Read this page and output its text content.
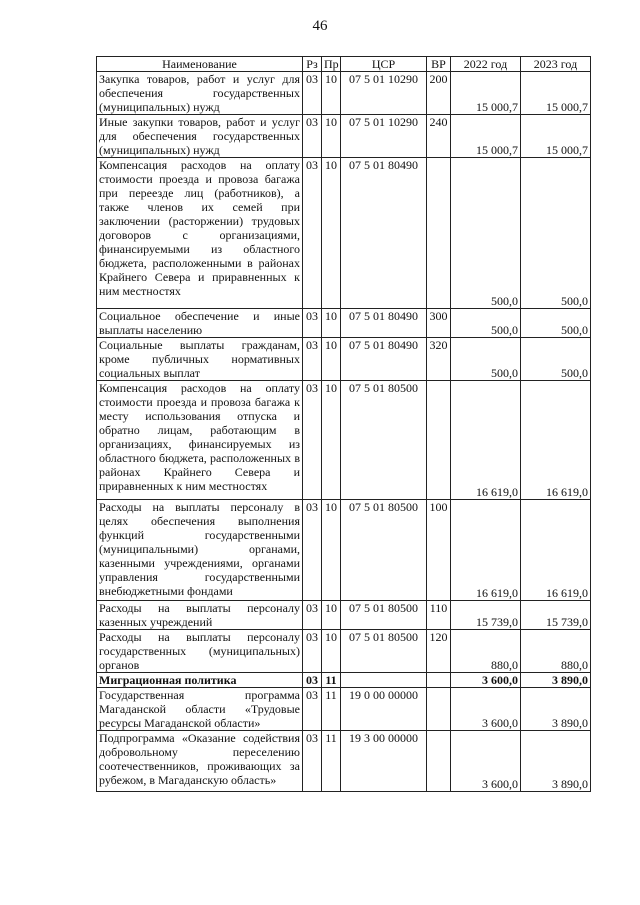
46
Наименование	Рз	Пр	ЦСР	ВР	2022 год	2023 год
Закупка товаров, работ и услуг для обеспечения государственных (муниципальных) нужд	03	10	07 5 01 10290	200	15 000,7	15 000,7
Иные закупки товаров, работ и услуг для обеспечения государственных (муниципальных) нужд	03	10	07 5 01 10290	240	15 000,7	15 000,7
Компенсация расходов на оплату стоимости проезда и провоза багажа при переезде лиц (работников), а также членов их семей при заключении (расторжении) трудовых договоров с организациями, финансируемыми из областного бюджета, расположенными в районах Крайнего Севера и приравненных к ним местностях	03	10	07 5 01 80490		500,0	500,0
Социальное обеспечение и иные выплаты населению	03	10	07 5 01 80490	300	500,0	500,0
Социальные выплаты гражданам, кроме публичных нормативных социальных выплат	03	10	07 5 01 80490	320	500,0	500,0
Компенсация расходов на оплату стоимости проезда и провоза багажа к месту использования отпуска и обратно лицам, работающим в организациях, финансируемых из областного бюджета, расположенных в районах Крайнего Севера и приравненных к ним местностях	03	10	07 5 01 80500		16 619,0	16 619,0
Расходы на выплаты персоналу в целях обеспечения выполнения функций государственными (муниципальными) органами, казенными учреждениями, органами управления государственными внебюджетными фондами	03	10	07 5 01 80500	100	16 619,0	16 619,0
Расходы на выплаты персоналу казенных учреждений	03	10	07 5 01 80500	110	15 739,0	15 739,0
Расходы на выплаты персоналу государственных (муниципальных) органов	03	10	07 5 01 80500	120	880,0	880,0
Миграционная политика	03	11			3 600,0	3 890,0
Государственная программа Магаданской области «Трудовые ресурсы Магаданской области»	03	11	19 0 00 00000		3 600,0	3 890,0
Подпрограмма «Оказание содействия добровольному переселению соотечественников, проживающих за рубежом, в Магаданскую область»	03	11	19 3 00 00000		3 600,0	3 890,0
